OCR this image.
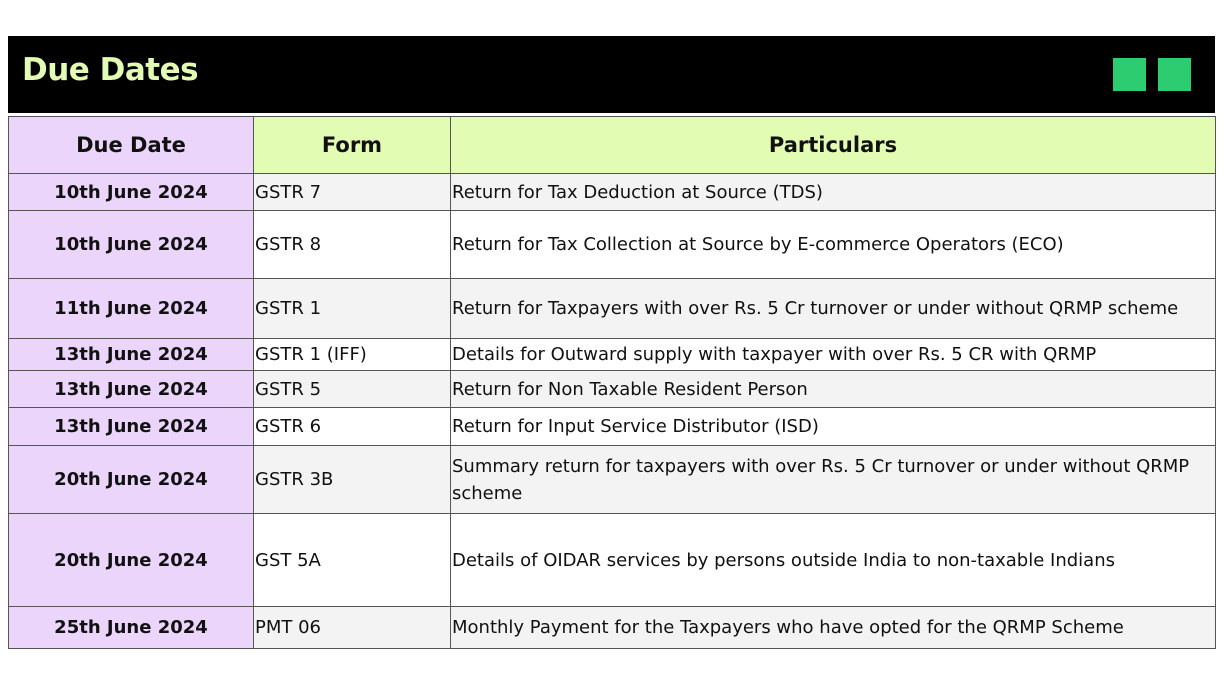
Due Dates
Due Date	Form	Particulars
10th June 2024	GSTR 7	Return for Tax Deduction at Source (TDS)
10th June 2024	GSTR 8	Return for Tax Collection at Source by E-commerce Operators (ECO)
11th June 2024	GSTR 1	Return for Taxpayers with over Rs. 5 Cr turnover or under without QRMP scheme
13th June 2024	GSTR 1 (IFF)	Details for Outward supply with taxpayer with over Rs. 5 CR with QRMP
13th June 2024	GSTR 5	Return for Non Taxable Resident Person
13th June 2024	GSTR 6	Return for Input Service Distributor (ISD)
20th June 2024	GSTR 3B	Summary return for taxpayers with over Rs. 5 Cr turnover or under without QRMP scheme
20th June 2024	GST 5A	Details of OIDAR services by persons outside India to non-taxable Indians
25th June 2024	PMT 06	Monthly Payment for the Taxpayers who have opted for the QRMP Scheme
